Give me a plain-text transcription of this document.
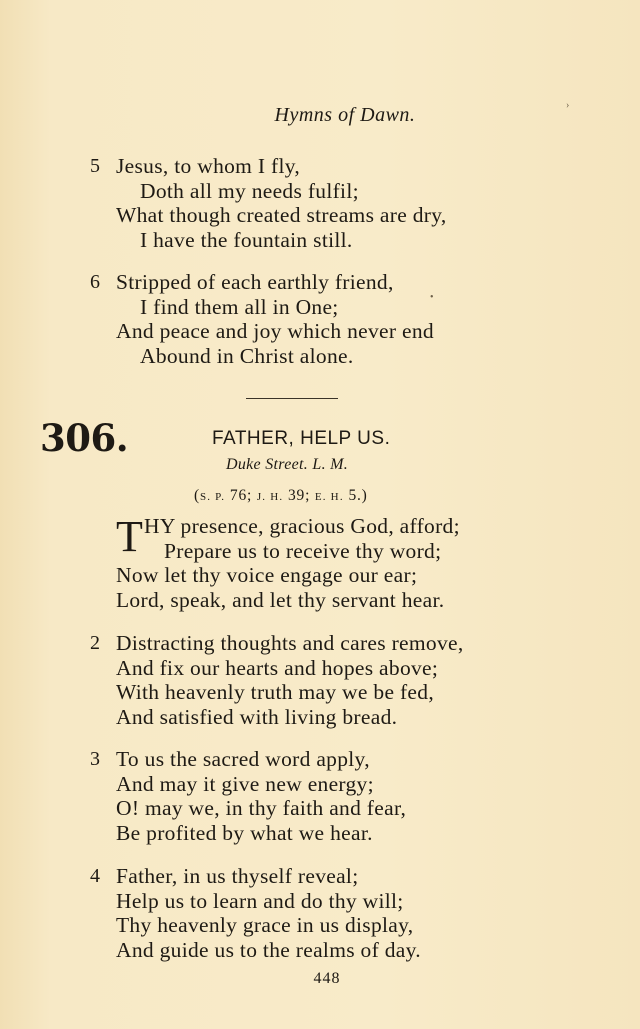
Hymns of Dawn.
5 Jesus, to whom I fly,
Doth all my needs fulfil;
What though created streams are dry,
I have the fountain still.
6 Stripped of each earthly friend,
I find them all in One;
And peace and joy which never end
Abound in Christ alone.
306.	FATHER, HELP US.
Duke Street. L. M.
(S. P. 76; J. H. 39; E. H. 5.)
T HY presence, gracious God, afford;
Prepare us to receive thy word;
Now let thy voice engage our ear;
Lord, speak, and let thy servant hear.
2 Distracting thoughts and cares remove,
And fix our hearts and hopes above;
With heavenly truth may we be fed,
And satisfied with living bread.
3 To us the sacred word apply,
And may it give new energy;
O! may we, in thy faith and fear,
Be profited by what we hear.
4 Father, in us thyself reveal;
Help us to learn and do thy will;
Thy heavenly grace in us display,
And guide us to the realms of day.
448
›
•
